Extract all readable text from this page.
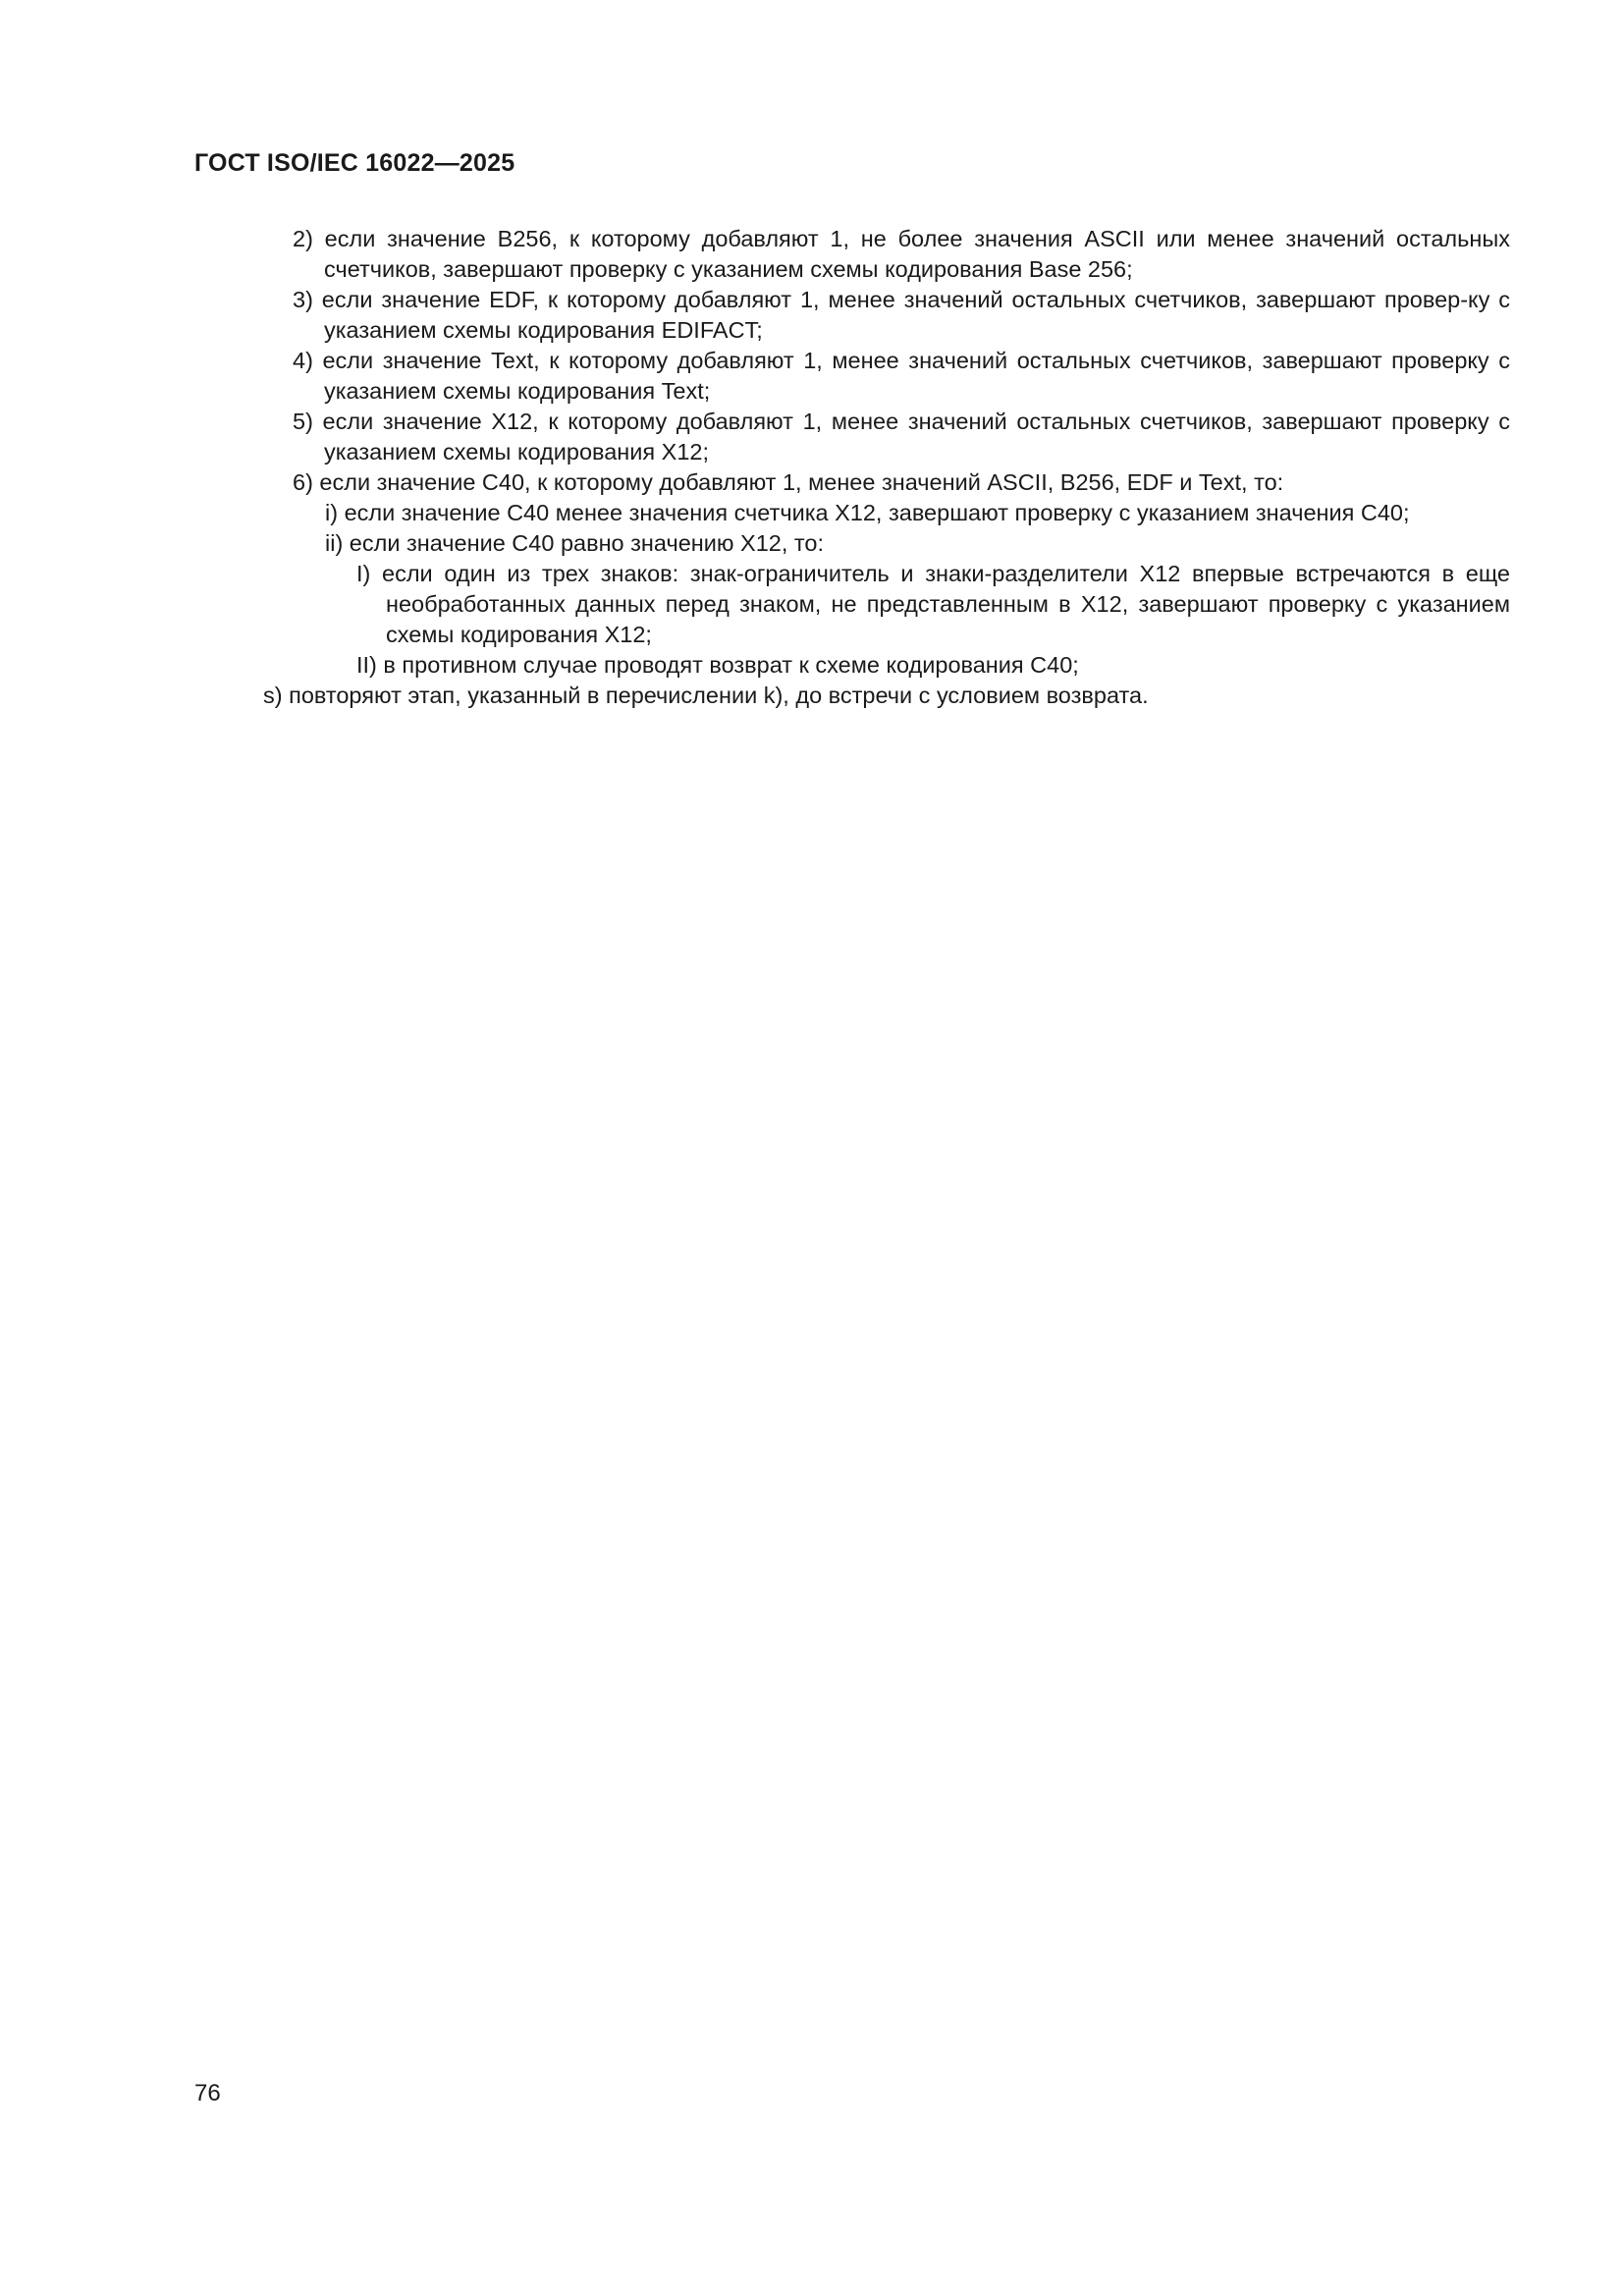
ГОСТ ISO/IEC 16022—2025
2) если значение B256, к которому добавляют 1, не более значения ASCII или менее значений остальных счетчиков, завершают проверку с указанием схемы кодирования Base 256;
3) если значение EDF, к которому добавляют 1, менее значений остальных счетчиков, завершают провер-ку с указанием схемы кодирования EDIFACT;
4) если значение Text, к которому добавляют 1, менее значений остальных счетчиков, завершают проверку с указанием схемы кодирования Text;
5) если значение X12, к которому добавляют 1, менее значений остальных счетчиков, завершают проверку с указанием схемы кодирования X12;
6) если значение C40, к которому добавляют 1, менее значений ASCII, B256, EDF и Text, то:
i) если значение C40 менее значения счетчика X12, завершают проверку с указанием значения C40;
ii) если значение C40 равно значению X12, то:
I) если один из трех знаков: знак-ограничитель и знаки-разделители X12 впервые встречаются в еще необработанных данных перед знаком, не представленным в X12, завершают проверку с указанием схемы кодирования X12;
II) в противном случае проводят возврат к схеме кодирования C40;
s) повторяют этап, указанный в перечислении k), до встречи с условием возврата.

76
